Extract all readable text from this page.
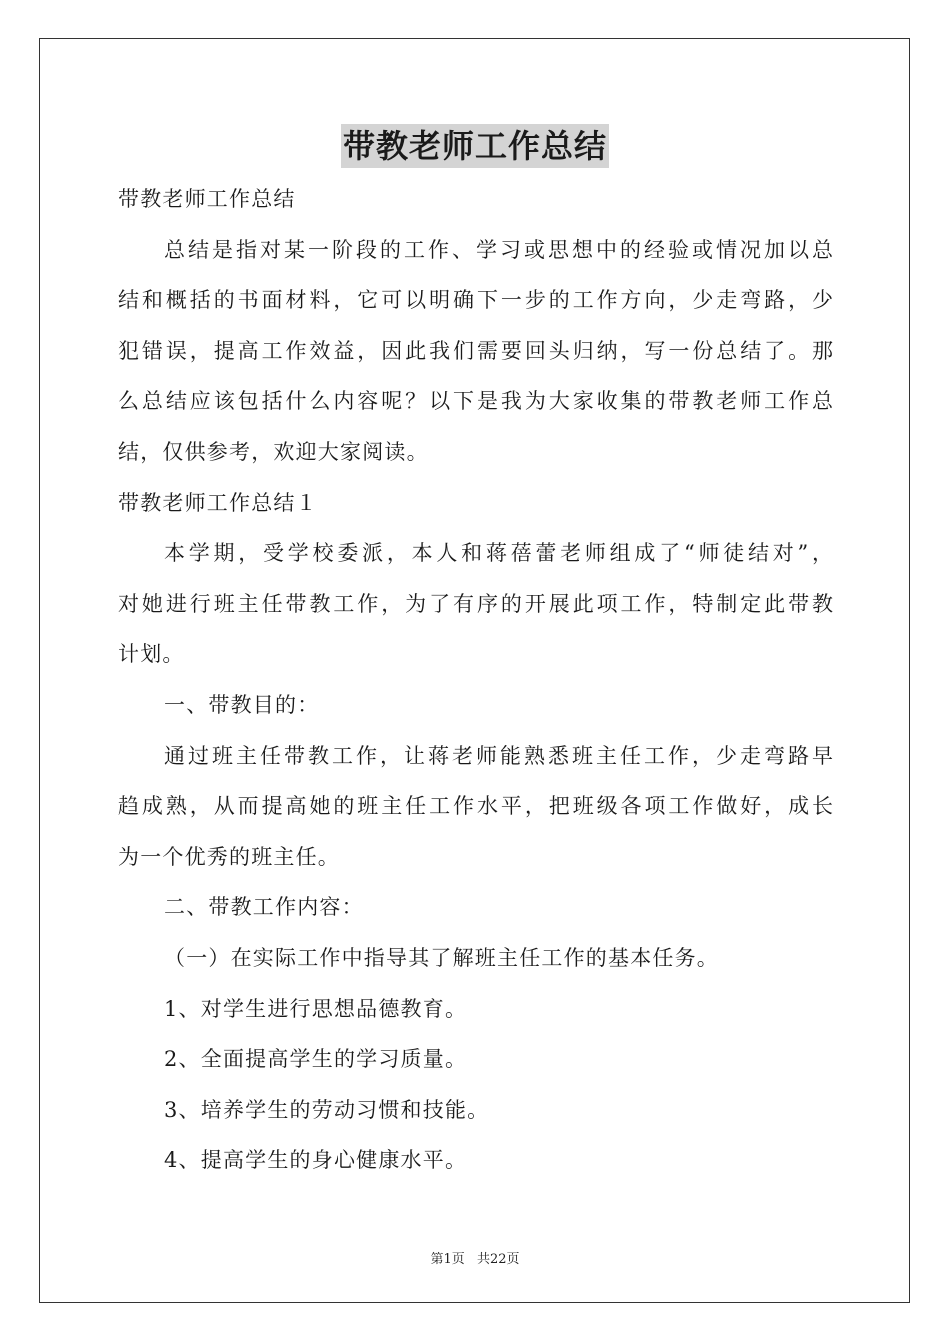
带教老师工作总结
带教老师工作总结
总结是指对某一阶段的工作、学习或思想中的经验或情况加以总
结和概括的书面材料，它可以明确下一步的工作方向，少走弯路，少
犯错误，提高工作效益，因此我们需要回头归纳，写一份总结了。那
么总结应该包括什么内容呢？以下是我为大家收集的带教老师工作总
结，仅供参考，欢迎大家阅读。
带教老师工作总结１
本学期，受学校委派，本人和蒋蓓蕾老师组成了“师徒结对”，
对她进行班主任带教工作，为了有序的开展此项工作，特制定此带教
计划。
一、带教目的：
通过班主任带教工作，让蒋老师能熟悉班主任工作，少走弯路早
趋成熟，从而提高她的班主任工作水平，把班级各项工作做好，成长
为一个优秀的班主任。
二、带教工作内容：
（一）在实际工作中指导其了解班主任工作的基本任务。
1、对学生进行思想品德教育。
2、全面提高学生的学习质量。
3、培养学生的劳动习惯和技能。
4、提高学生的身心健康水平。
第1页 共22页
